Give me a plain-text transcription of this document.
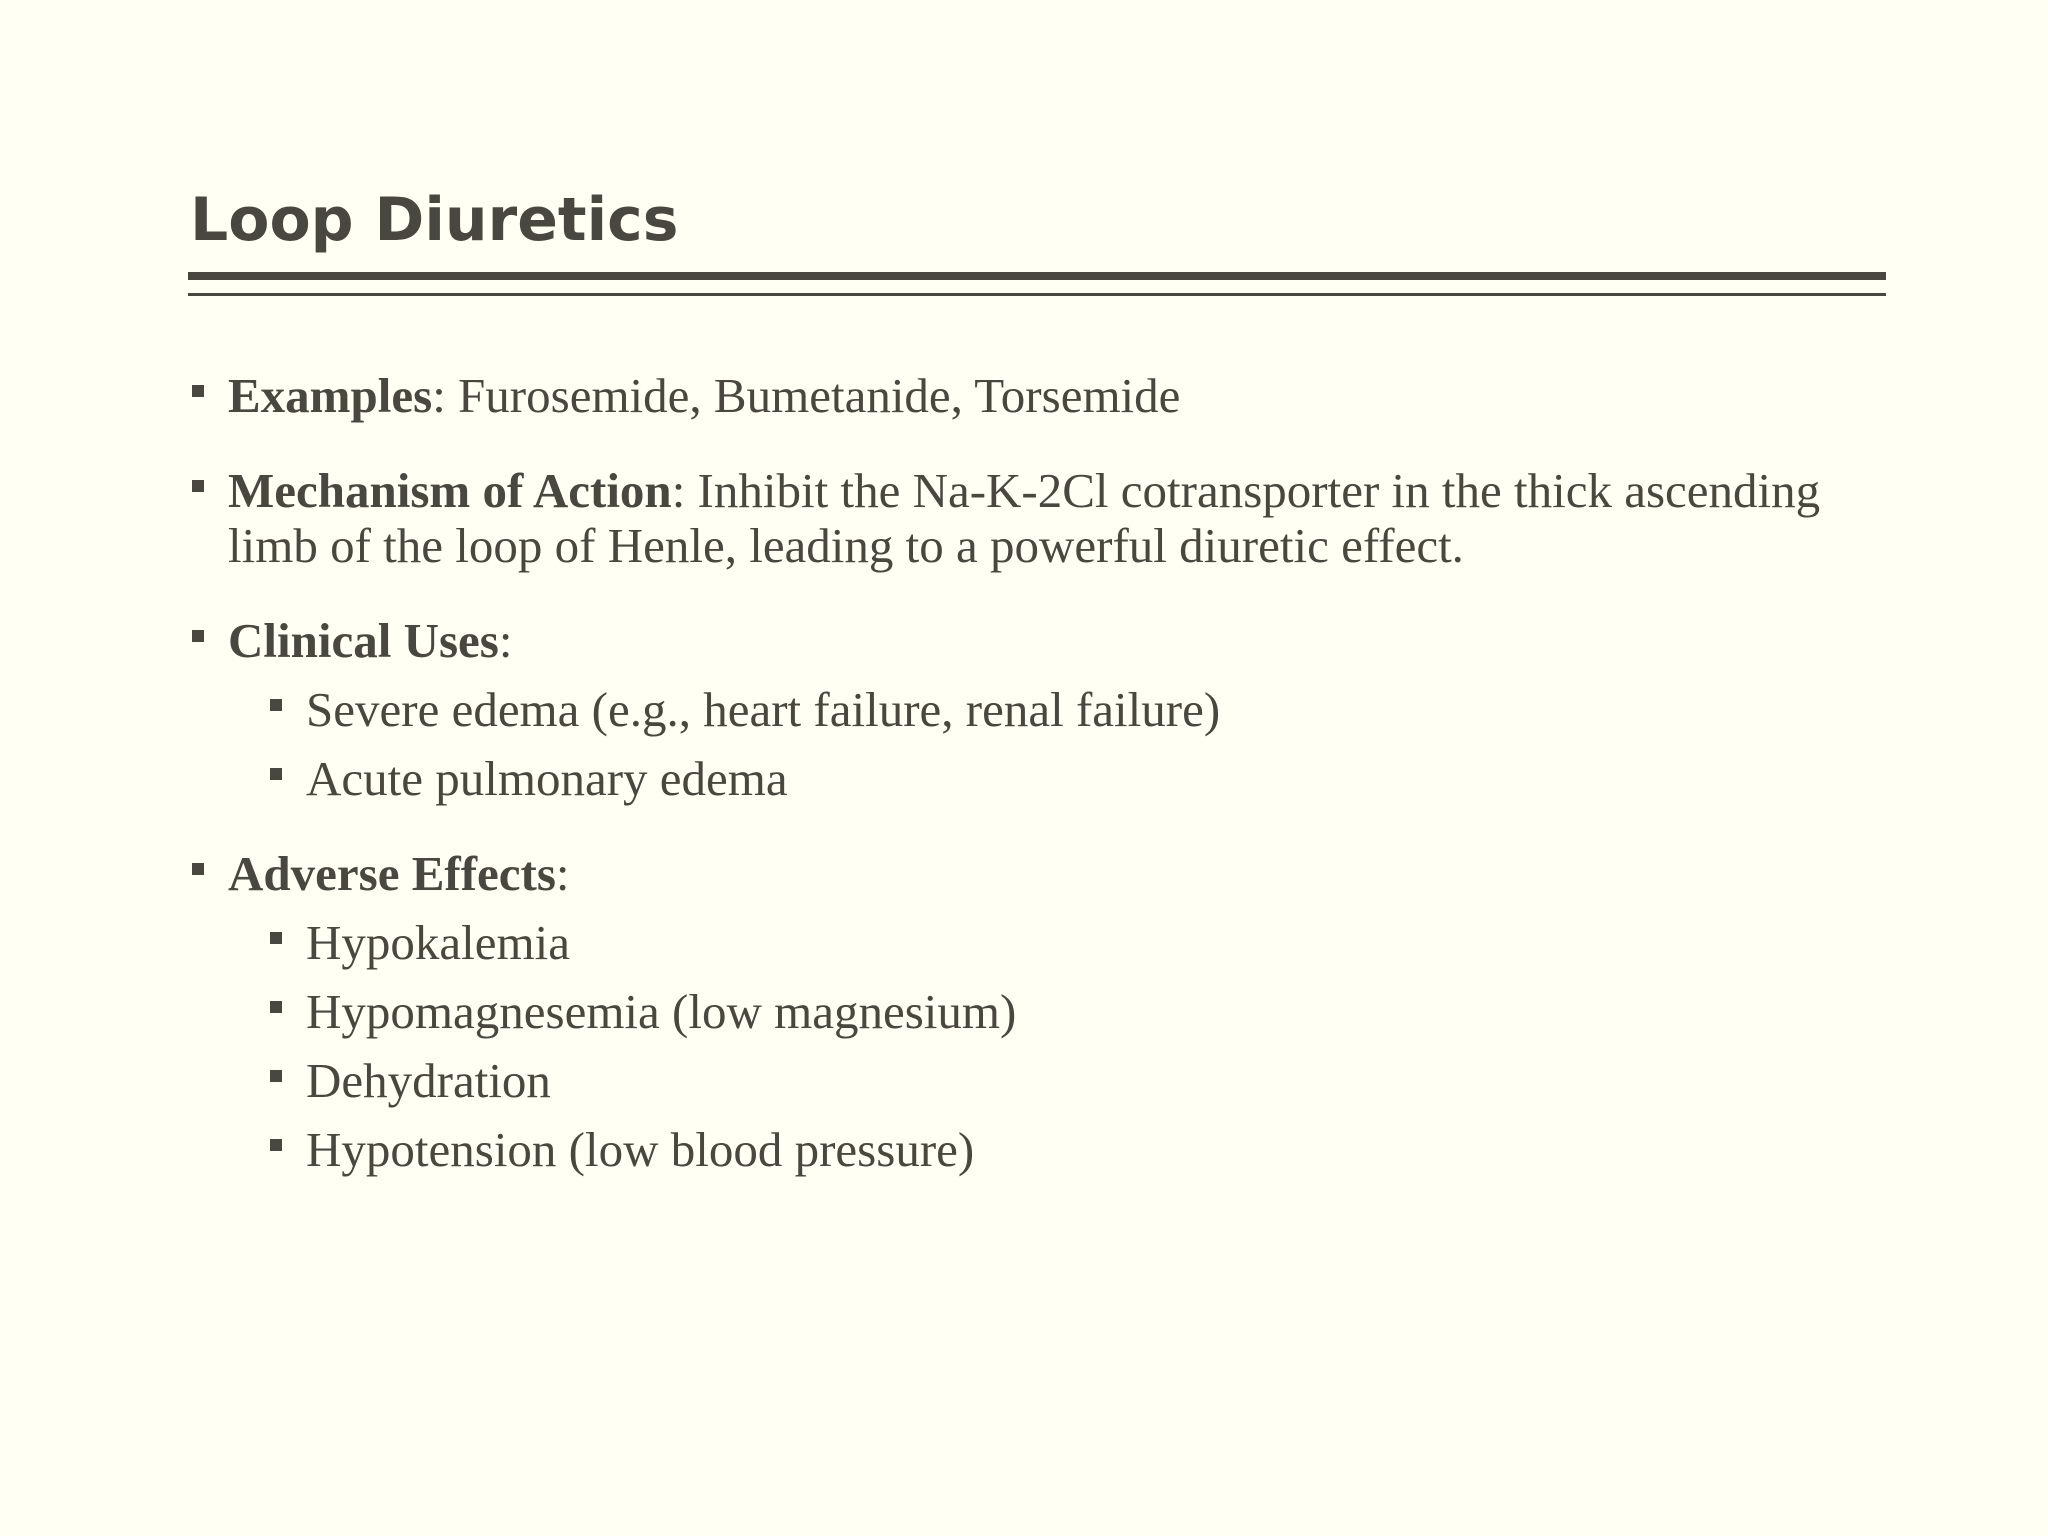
Loop Diuretics
Examples: Furosemide, Bumetanide, Torsemide
Mechanism of Action: Inhibit the Na-K-2Cl cotransporter in the thick ascending limb of the loop of Henle, leading to a powerful diuretic effect.
Clinical Uses:
Severe edema (e.g., heart failure, renal failure)
Acute pulmonary edema
Adverse Effects:
Hypokalemia
Hypomagnesemia (low magnesium)
Dehydration
Hypotension (low blood pressure)
